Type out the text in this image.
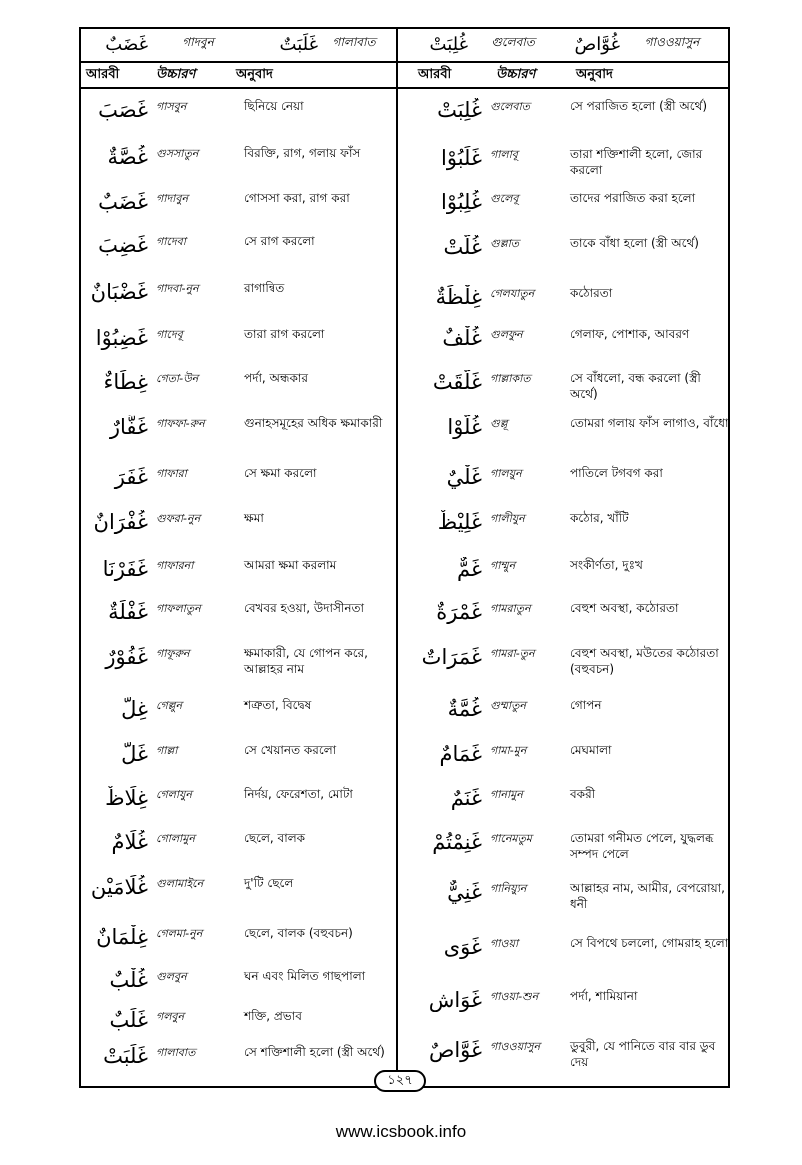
غَضَبٌ	গাদবুন	غَلَبَتٌ	গালাবাত	غُلِبَتْ	গুলেবাত	غُوَّاصٌ	গাওওয়াসুন
আরবী	উচ্চারণ	অনুবাদ	আরবী	উচ্চারণ	অনুবাদ
غَصَبَ গাসবুন	ছিনিয়ে নেয়া
غُصَّةٌ গুসসাতুন	বিরক্তি, রাগ, গলায় ফাঁস
غَضَبٌ গাদাবুন	গোসসা করা, রাগ করা
غَضِبَ গাদেবা	সে রাগ করলো
غَضْبَانٌ গাদবা-নুন	রাগান্বিত
غَضِبُوْا গাদেবূ	তারা রাগ করলো
غِطَاءٌ গেতা-উন	পর্দা, অন্ধকার
غَفَّارٌ গাফফা-রুন	গুনাহসমূহের অধিক ক্ষমাকারী
غَفَرَ গাফারা	সে ক্ষমা করলো
غُفْرَانٌ গুফরা-নুন	ক্ষমা
غَفَرْنَا গাফারনা	আমরা ক্ষমা করলাম
غَفْلَةٌ গাফলাতুন	বেখবর হওয়া, উদাসীনতা
غَفُوْرٌ গাফূরুন	ক্ষমাকারী, যে গোপন করে, আল্লাহর নাম
غِلٌّ গেল্লুন	শত্রুতা, বিদ্বেষ
غَلَّ গাল্লা	সে খেয়ানত করলো
غِلَاظٌ গেলাযুন	নির্দয়, ফেরেশতা, মোটা
غُلَامٌ গোলামুন	ছেলে, বালক
غُلَامَيْنِ গুলামাইনে	দু'টি ছেলে
غِلْمَانٌ গেলমা-নুন	ছেলে, বালক (বহুবচন)
غُلْبٌ গুলবুন	ঘন এবং মিলিত গাছপালা
غَلَبٌ গলবুন	শক্তি, প্রভাব
غَلَبَتْ গালাবাত	সে শক্তিশালী হলো (স্ত্রী অর্থে)
غُلِبَتْ গুলেবাত	সে পরাজিত হলো (স্ত্রী অর্থে)
غَلَبُوْا গালাবূ	তারা শক্তিশালী হলো, জোর করলো
غُلِبُوْا গুলেবূ	তাদের পরাজিত করা হলো
غُلَّتْ গুল্লাত	তাকে বাঁধা হলো (স্ত্রী অর্থে)
غِلْظَةٌ গেলযাতুন	কঠোরতা
غُلْفٌ গুলফুন	গেলাফ, পোশাক, আবরণ
غَلَّقَتْ গাল্লাকাত	সে বাঁধলো, বন্ধ করলো (স্ত্রী অর্থে)
غُلُّوْا গুল্লূ	তোমরা গলায় ফাঁস লাগাও, বাঁধো
غَلْيٌ গালয়ুন	পাতিলে টগবগ করা
غَلِيْظٌ গালীযুন	কঠোর, খাঁটি
غَمٌّ গাম্মুন	সংকীর্ণতা, দুঃখ
غَمْرَةٌ গামরাতুন	বেহুশ অবস্থা, কঠোরতা
غَمَرَاتٌ গামরা-তুন	বেহুশ অবস্থা, মউতের কঠোরতা (বহুবচন)
غُمَّةٌ গুম্মাতুন	গোপন
غَمَامٌ গামা-মুন	মেঘমালা
غَنَمٌ গানামুন	বকরী
غَنِمْتُمْ গানেমতুম	তোমরা গনীমত পেলে, যুদ্ধলব্ধ সম্পদ পেলে
غَنِيٌّ গানিয়্যুন	আল্লাহর নাম, আমীর, বেপরোয়া, ধনী
غَوَى গাওয়া	সে বিপথে চললো, গোমরাহ হলো
غَوَاشٍ গাওয়া-শুন	পর্দা, শামিয়ানা
غَوَّاصٌ গাওওয়াসুন	ডুবুরী, যে পানিতে বার বার ডুব দেয়
১২৭
www.icsbook.info
